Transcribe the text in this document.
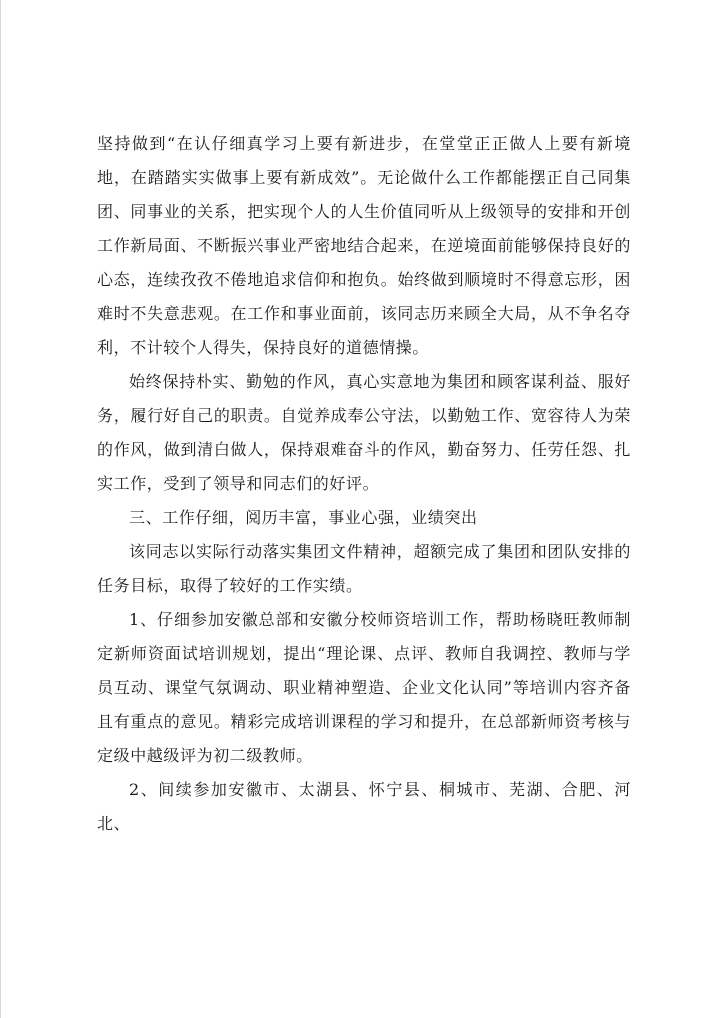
坚持做到“在认仔细真学习上要有新进步，在堂堂正正做人上要有新境地，在踏踏实实做事上要有新成效”。无论做什么工作都能摆正自己同集团、同事业的关系，把实现个人的人生价值同听从上级领导的安排和开创工作新局面、不断振兴事业严密地结合起来，在逆境面前能够保持良好的心态，连续孜孜不倦地追求信仰和抱负。始终做到顺境时不得意忘形，困难时不失意悲观。在工作和事业面前，该同志历来顾全大局，从不争名夺利，不计较个人得失，保持良好的道德情操。

始终保持朴实、勤勉的作风，真心实意地为集团和顾客谋利益、服好务，履行好自己的职责。自觉养成奉公守法，以勤勉工作、宽容待人为荣的作风，做到清白做人，保持艰难奋斗的作风，勤奋努力、任劳任怨、扎实工作，受到了领导和同志们的好评。

三、工作仔细，阅历丰富，事业心强，业绩突出

该同志以实际行动落实集团文件精神，超额完成了集团和团队安排的任务目标，取得了较好的工作实绩。

1、仔细参加安徽总部和安徽分校师资培训工作，帮助杨晓旺教师制定新师资面试培训规划，提出“理论课、点评、教师自我调控、教师与学员互动、课堂气氛调动、职业精神塑造、企业文化认同”等培训内容齐备且有重点的意见。精彩完成培训课程的学习和提升，在总部新师资考核与定级中越级评为初二级教师。

2、间续参加安徽市、太湖县、怀宁县、桐城市、芜湖、合肥、河北、
